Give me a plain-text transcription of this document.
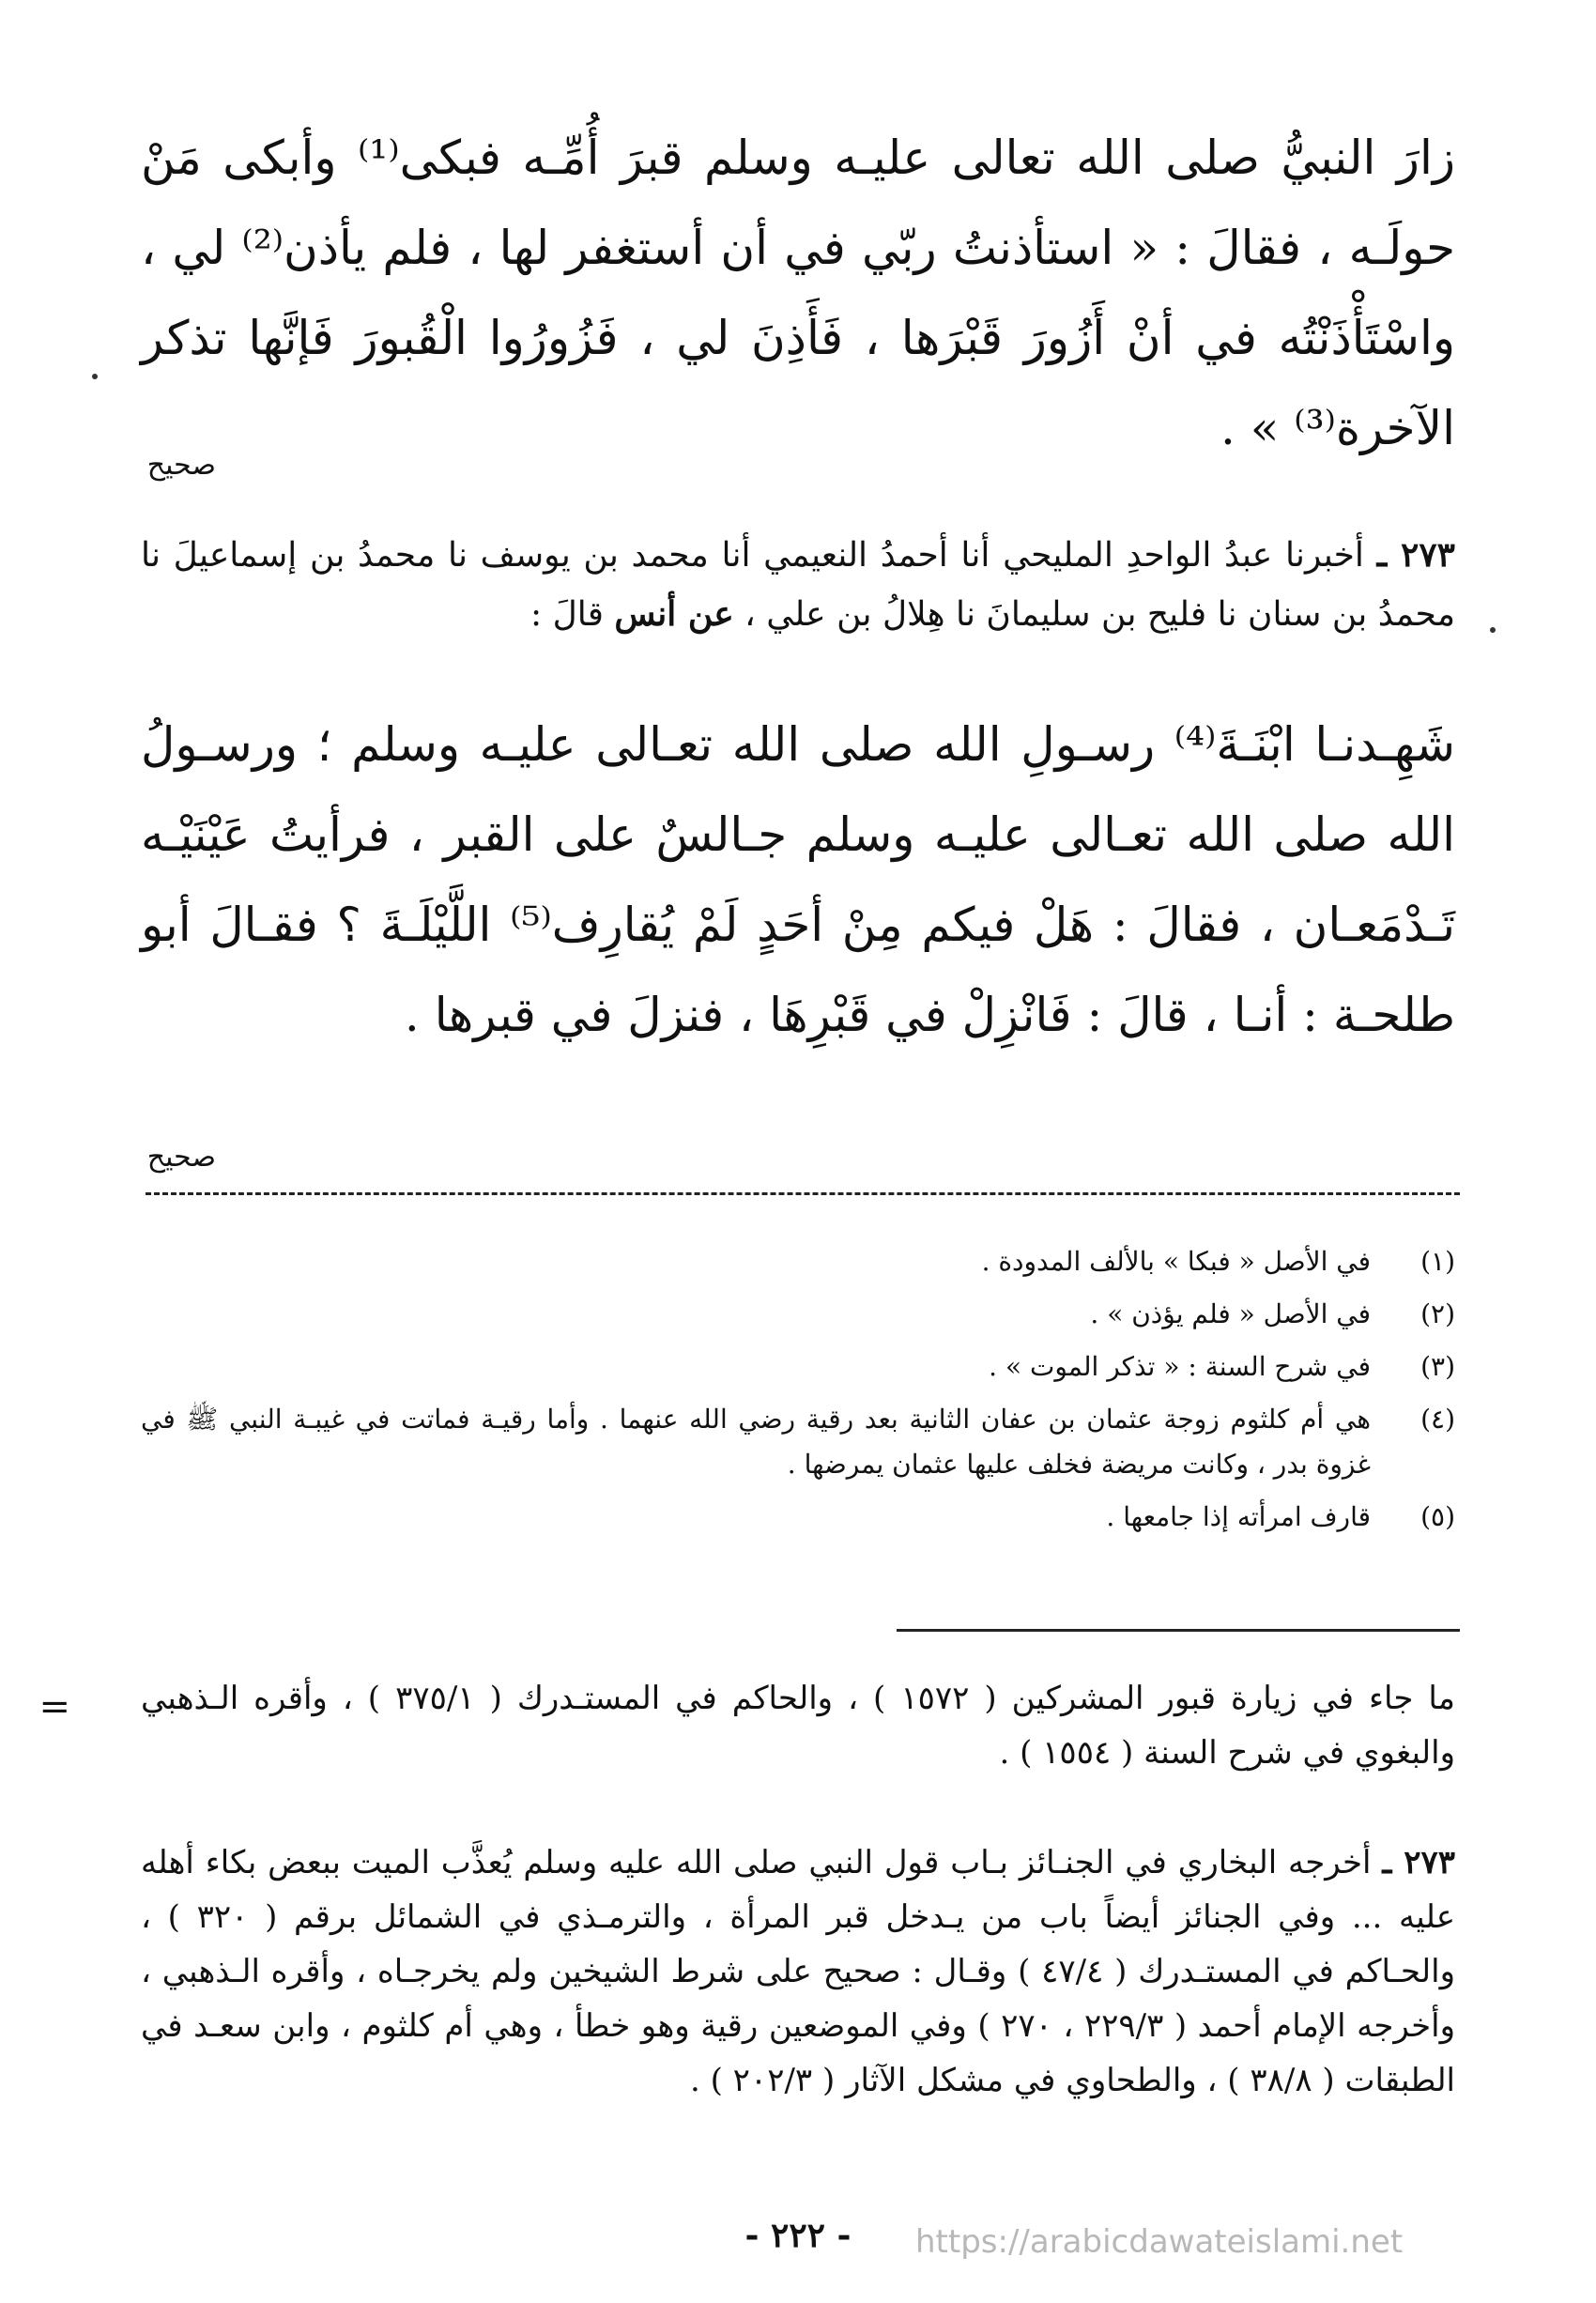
زارَ النبيُّ صلى الله تعالى عليـه وسلم قبرَ أُمِّـه فبكى⁽¹⁾ وأبكى مَنْ حولَـه ، فقالَ : « استأذنتُ ربّي في أن أستغفر لها ، فلم يأذن⁽²⁾ لي ، واسْتَأْذَنْتُه في أنْ أَزُورَ قَبْرَها ، فَأَذِنَ لي ، فَزُورُوا الْقُبورَ فَإنَّها تذكر الآخرة⁽³⁾ » .
صحيح
٢٧٣ ـ أخبرنا عبدُ الواحدِ المليحي أنا أحمدُ النعيمي أنا محمد بن يوسف نا محمدُ بن إسماعيلَ نا محمدُ بن سنان نا فليح بن سليمانَ نا هِلالُ بن علي ، عن أنس قالَ :
شَهِـدنـا ابْنَـةَ⁽⁴⁾ رسـولِ الله صلى الله تعـالى عليـه وسلم ؛ ورسـولُ الله صلى الله تعـالى عليـه وسلم جـالسٌ على القبر ، فرأيتُ عَيْنَيْـه تَـدْمَعـان ، فقالَ : هَلْ فيكم مِنْ أحَدٍ لَمْ يُقارِف⁽⁵⁾ اللَّيْلَـةَ ؟ فقـالَ أبو طلحـة : أنـا ، قالَ : فَانْزِلْ في قَبْرِهَا ، فنزلَ في قبرها .
صحيح
(١)
في الأصل « فبكا » بالألف المدودة .
(٢)
في الأصل « فلم يؤذن » .
(٣)
في شرح السنة : « تذكر الموت » .
(٤)
هي أم كلثوم زوجة عثمان بن عفان الثانية بعد رقية رضي الله عنهما . وأما رقيـة فماتت في غيبـة النبي ﷺ في غزوة بدر ، وكانت مريضة فخلف عليها عثمان يمرضها .
(٥)
قارف امرأته إذا جامعها .
= ما جاء في زيارة قبور المشركين ( ١٥٧٢ ) ، والحاكم في المستـدرك ( ٣٧٥/١ ) ، وأقره الـذهبي والبغوي في شرح السنة ( ١٥٥٤ ) .
٢٧٣ ـ أخرجه البخاري في الجنـائز بـاب قول النبي صلى الله عليه وسلم يُعذَّب الميت ببعض بكاء أهله عليه ... وفي الجنائز أيضاً باب من يـدخل قبر المرأة ، والترمـذي في الشمائل برقم ( ٣٢٠ ) ، والحـاكم في المستـدرك ( ٤٧/٤ ) وقـال : صحيح على شرط الشيخين ولم يخرجـاه ، وأقره الـذهبي ، وأخرجه الإمام أحمد ( ٢٢٩/٣ ، ٢٧٠ ) وفي الموضعين رقية وهو خطأ ، وهي أم كلثوم ، وابن سعـد في الطبقات ( ٣٨/٨ ) ، والطحاوي في مشكل الآثار ( ٢٠٢/٣ ) .
- ٢٢٢ -	https://arabicdawateislami.net
